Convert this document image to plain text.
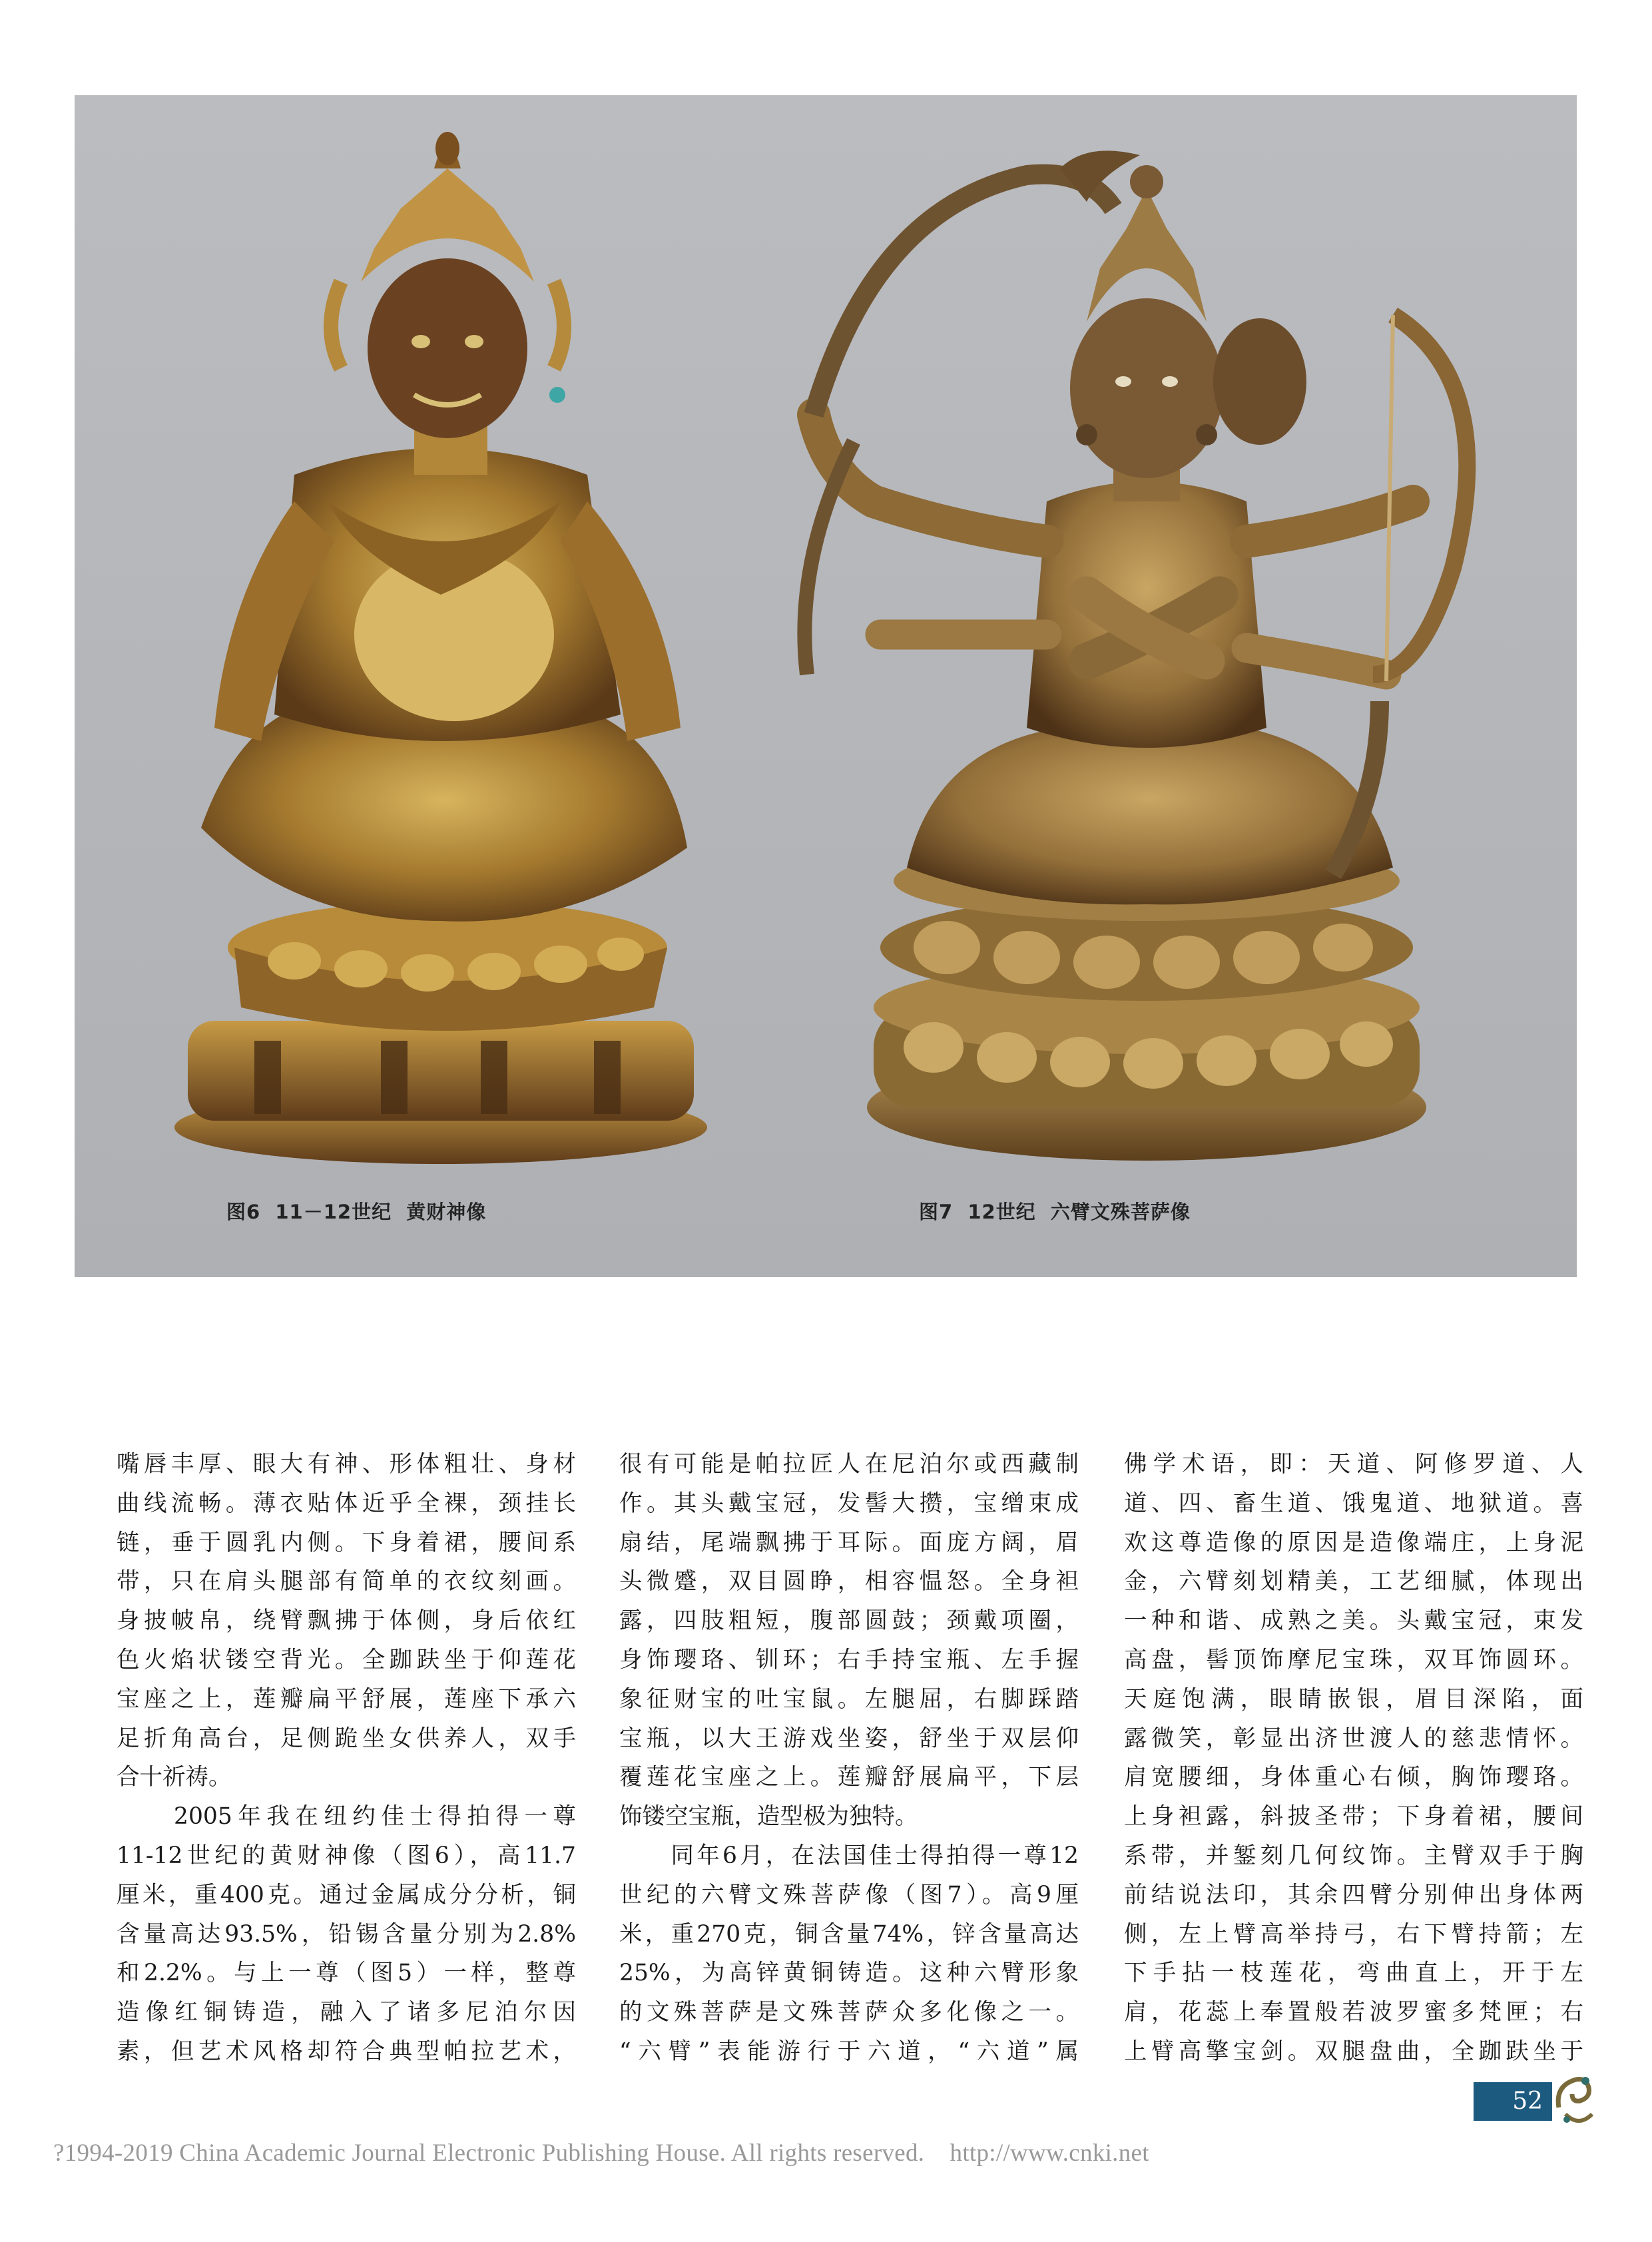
图6  11－12世纪  黄财神像	图7  12世纪  六臂文殊菩萨像

嘴唇丰厚、眼大有神、形体粗壮、身材
曲线流畅。薄衣贴体近乎全裸，颈挂长
链，垂于圆乳内侧。下身着裙，腰间系
带，只在肩头腿部有简单的衣纹刻画。
身披帔帛，绕臂飘拂于体侧，身后依红
色火焰状镂空背光。全跏趺坐于仰莲花
宝座之上，莲瓣扁平舒展，莲座下承六
足折角高台，足侧跪坐女供养人，双手

合十祈祷。

　　2005年我在纽约佳士得拍得一尊
11-12世纪的黄财神像（图6），高11.7
厘米，重400克。通过金属成分分析，铜
含量高达93.5%，铅锡含量分别为2.8%
和2.2%。与上一尊（图5）一样，整尊
造像红铜铸造，融入了诸多尼泊尔因
素，但艺术风格却符合典型帕拉艺术，

很有可能是帕拉匠人在尼泊尔或西藏制
作。其头戴宝冠，发髻大攒，宝缯束成
扇结，尾端飘拂于耳际。面庞方阔，眉
头微蹙，双目圆睁，相容愠怒。全身袒
露，四肢粗短，腹部圆鼓；颈戴项圈，
身饰璎珞、钏环；右手持宝瓶、左手握
象征财宝的吐宝鼠。左腿屈，右脚踩踏
宝瓶，以大王游戏坐姿，舒坐于双层仰
覆莲花宝座之上。莲瓣舒展扁平，下层

饰镂空宝瓶，造型极为独特。

　　同年6月，在法国佳士得拍得一尊12
世纪的六臂文殊菩萨像（图7）。高9厘
米，重270克，铜含量74%，锌含量高达
25%，为高锌黄铜铸造。这种六臂形象
的文殊菩萨是文殊菩萨众多化像之一。
“六臂”表能游行于六道，“六道”属

佛学术语，即：天道、阿修罗道、人
道、四、畜生道、饿鬼道、地狱道。喜
欢这尊造像的原因是造像端庄，上身泥
金，六臂刻划精美，工艺细腻，体现出
一种和谐、成熟之美。头戴宝冠，束发
高盘，髻顶饰摩尼宝珠，双耳饰圆环。
天庭饱满，眼睛嵌银，眉目深陷，面
露微笑，彰显出济世渡人的慈悲情怀。
肩宽腰细，身体重心右倾，胸饰璎珞。
上身袒露，斜披圣带；下身着裙，腰间
系带，并錾刻几何纹饰。主臂双手于胸
前结说法印，其余四臂分别伸出身体两
侧，左上臂高举持弓，右下臂持箭；左
下手拈一枝莲花，弯曲直上，开于左
肩，花蕊上奉置般若波罗蜜多梵匣；右
上臂高擎宝剑。双腿盘曲，全跏趺坐于

52
?1994-2019 China Academic Journal Electronic Publishing House. All rights reserved.    http://www.cnki.net
